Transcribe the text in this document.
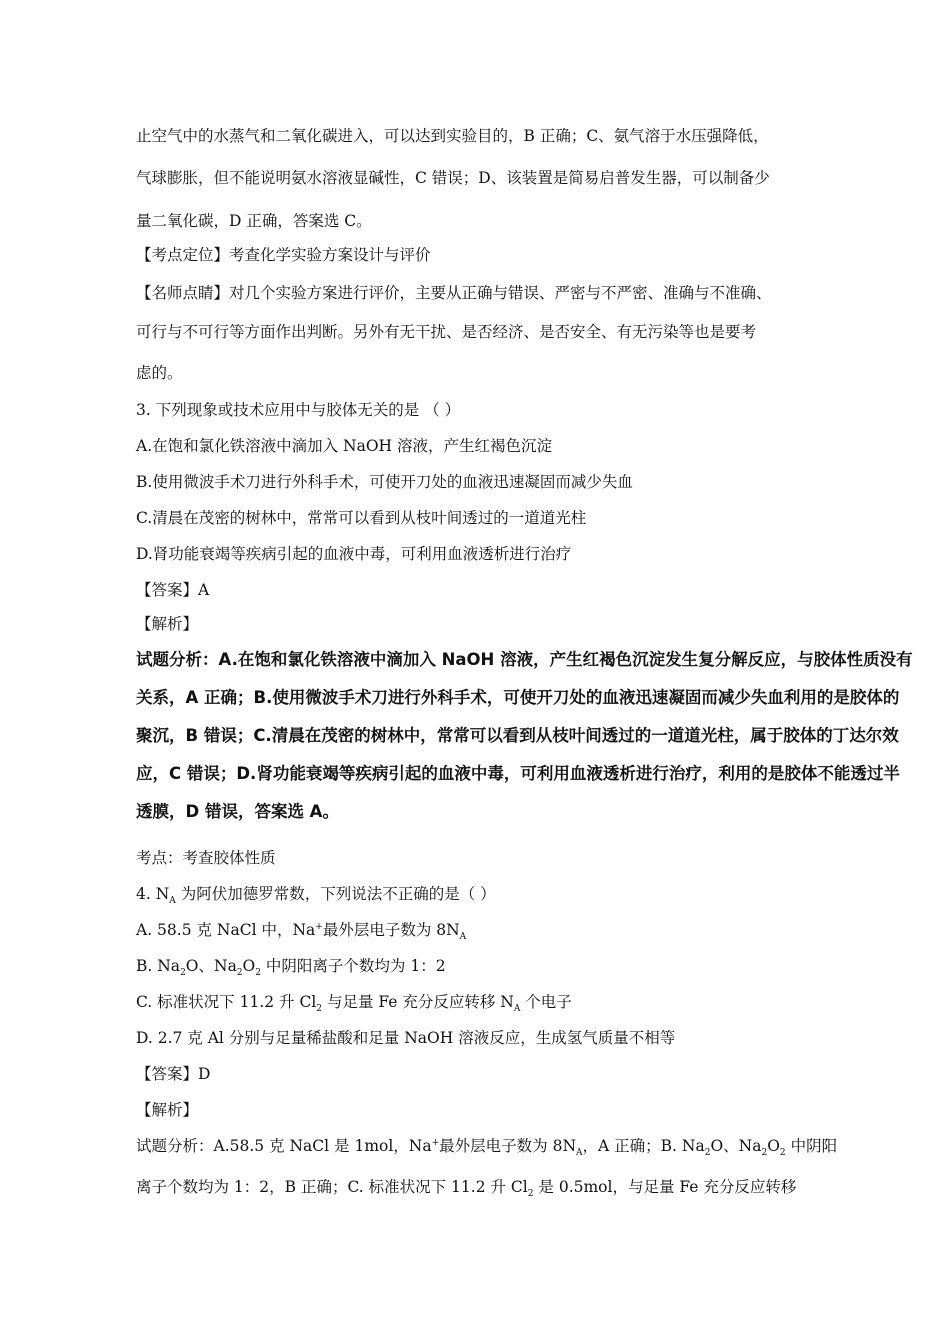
止空气中的水蒸气和二氧化碳进入，可以达到实验目的，B 正确；C、氨气溶于水压强降低，
气球膨胀，但不能说明氨水溶液显碱性，C 错误；D、该装置是简易启普发生器，可以制备少
量二氧化碳，D 正确，答案选 C。
【考点定位】考查化学实验方案设计与评价
【名师点睛】对几个实验方案进行评价，主要从正确与错误、严密与不严密、准确与不准确、
可行与不可行等方面作出判断。另外有无干扰、是否经济、是否安全、有无污染等也是要考
虑的。
3. 下列现象或技术应用中与胶体无关的是 （ ）
A.在饱和氯化铁溶液中滴加入 NaOH 溶液，产生红褐色沉淀
B.使用微波手术刀进行外科手术，可使开刀处的血液迅速凝固而减少失血
C.清晨在茂密的树林中，常常可以看到从枝叶间透过的一道道光柱
D.肾功能衰竭等疾病引起的血液中毒，可利用血液透析进行治疗
【答案】A
【解析】
试题分析：A.在饱和氯化铁溶液中滴加入 NaOH 溶液，产生红褐色沉淀发生复分解反应，与胶体性质没有
关系，A 正确；B.使用微波手术刀进行外科手术，可使开刀处的血液迅速凝固而减少失血利用的是胶体的
聚沉，B 错误；C.清晨在茂密的树林中，常常可以看到从枝叶间透过的一道道光柱，属于胶体的丁达尔效
应，C 错误；D.肾功能衰竭等疾病引起的血液中毒，可利用血液透析进行治疗，利用的是胶体不能透过半
透膜，D 错误，答案选 A。
考点：考查胶体性质
4. $N_A$ 为阿伏加德罗常数，下列说法不正确的是（ ）
A. 58.5 克 NaCl 中，Na+最外层电子数为 $8N_A$
B. $Na_2O$、$Na_2O_2$ 中阴阳离子个数均为 1：2
C. 标准状况下 11.2 升 $Cl_2$ 与足量 Fe 充分反应转移 $N_A$ 个电子
D. 2.7 克 Al 分别与足量稀盐酸和足量 NaOH 溶液反应，生成氢气质量不相等
【答案】D
【解析】
试题分析：A.58.5 克 NaCl 是 1mol，Na+最外层电子数为 $8N_A$，A 正确；B. $Na_2O$、$Na_2O_2$ 中阴阳
离子个数均为 1：2，B 正确；C. 标准状况下 11.2 升 $Cl_2$ 是 0.5mol，与足量 Fe 充分反应转移
